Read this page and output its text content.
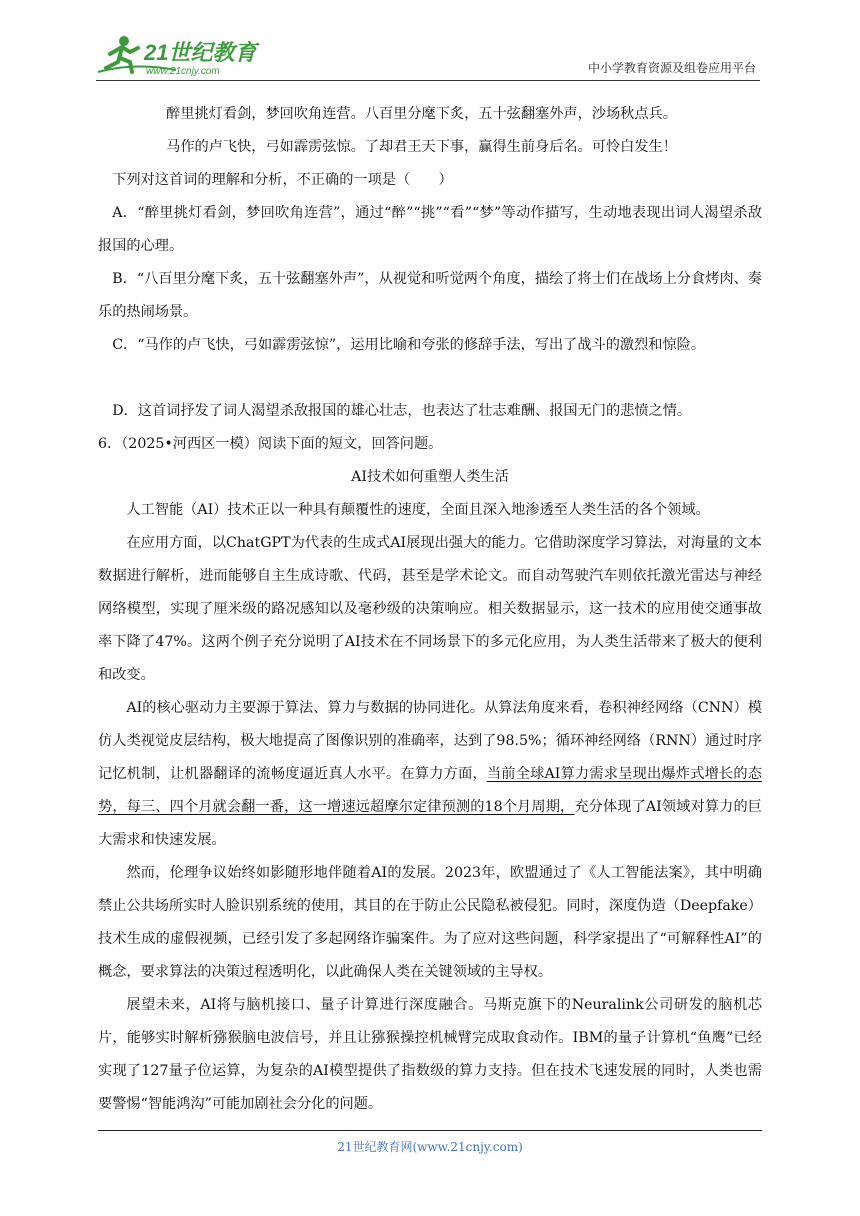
21世纪教育
www.21cnjy.com	中小学教育资源及组卷应用平台

醉里挑灯看剑，梦回吹角连营。八百里分麾下炙，五十弦翻塞外声，沙场秋点兵。

马作的卢飞快，弓如霹雳弦惊。了却君王天下事，赢得生前身后名。可怜白发生！

下列对这首词的理解和分析，不正确的一项是（　　）

A．“醉里挑灯看剑，梦回吹角连营”，通过“醉”“挑”“看”“梦”等动作描写，生动地表现出词人渴望杀敌报国的心理。

B．“八百里分麾下炙，五十弦翻塞外声”，从视觉和听觉两个角度，描绘了将士们在战场上分食烤肉、奏乐的热闹场景。

C．“马作的卢飞快，弓如霹雳弦惊”，运用比喻和夸张的修辞手法，写出了战斗的激烈和惊险。

D．这首词抒发了词人渴望杀敌报国的雄心壮志，也表达了壮志难酬、报国无门的悲愤之情。

6．（2025•河西区一模）阅读下面的短文，回答问题。

AI技术如何重塑人类生活

人工智能（AI）技术正以一种具有颠覆性的速度，全面且深入地渗透至人类生活的各个领域。

在应用方面，以ChatGPT为代表的生成式AI展现出强大的能力。它借助深度学习算法，对海量的文本数据进行解析，进而能够自主生成诗歌、代码，甚至是学术论文。而自动驾驶汽车则依托激光雷达与神经网络模型，实现了厘米级的路况感知以及毫秒级的决策响应。相关数据显示，这一技术的应用使交通事故率下降了47%。这两个例子充分说明了AI技术在不同场景下的多元化应用，为人类生活带来了极大的便利和改变。

AI的核心驱动力主要源于算法、算力与数据的协同进化。从算法角度来看，卷积神经网络（CNN）模仿人类视觉皮层结构，极大地提高了图像识别的准确率，达到了98.5%；循环神经网络（RNN）通过时序记忆机制，让机器翻译的流畅度逼近真人水平。在算力方面，当前全球AI算力需求呈现出爆炸式增长的态势，每三、四个月就会翻一番，这一增速远超摩尔定律预测的18个月周期，充分体现了AI领域对算力的巨大需求和快速发展。

然而，伦理争议始终如影随形地伴随着AI的发展。2023年，欧盟通过了《人工智能法案》，其中明确禁止公共场所实时人脸识别系统的使用，其目的在于防止公民隐私被侵犯。同时，深度伪造（Deepfake）技术生成的虚假视频，已经引发了多起网络诈骗案件。为了应对这些问题，科学家提出了“可解释性AI”的概念，要求算法的决策过程透明化，以此确保人类在关键领域的主导权。

展望未来，AI将与脑机接口、量子计算进行深度融合。马斯克旗下的Neuralink公司研发的脑机芯片，能够实时解析猕猴脑电波信号，并且让猕猴操控机械臂完成取食动作。IBM的量子计算机“鱼鹰”已经实现了127量子位运算，为复杂的AI模型提供了指数级的算力支持。但在技术飞速发展的同时，人类也需要警惕“智能鸿沟”可能加剧社会分化的问题。

21世纪教育网(www.21cnjy.com)
